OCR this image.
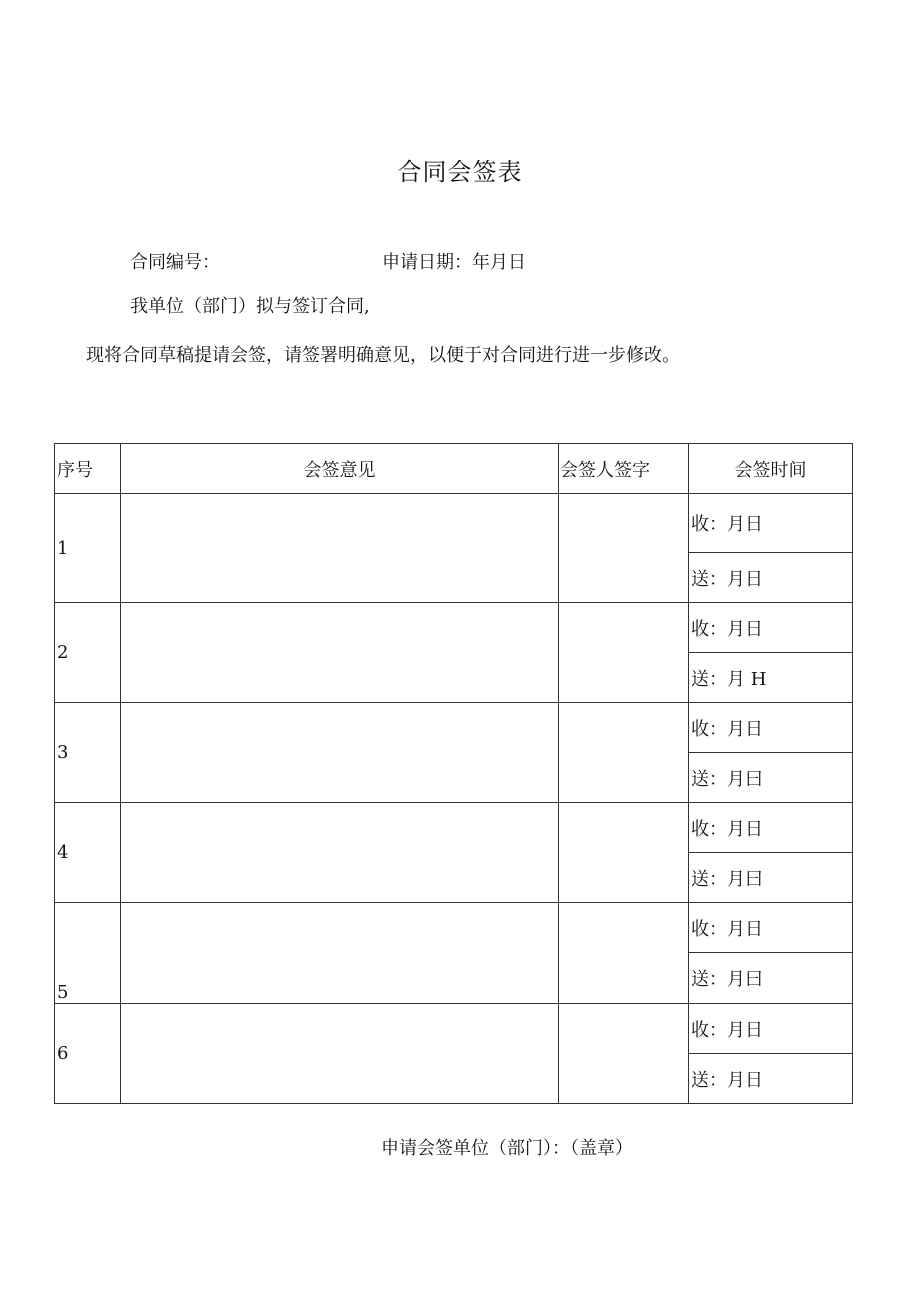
合同会签表
合同编号：	申请日期：年月日
我单位（部门）拟与签订合同,
现将合同草稿提请会签，请签署明确意见，以便于对合同进行进一步修改。
序号	会签意见	会签人签字	会签时间
1			收：月日
			送：月日
2			收：月日
			送：月 H
3			收：月日
			送：月曰
4			收：月日
			送：月曰
5			收：月日
			送：月曰
6			收：月日
			送：月日
申请会签单位（部门）：（盖章）
